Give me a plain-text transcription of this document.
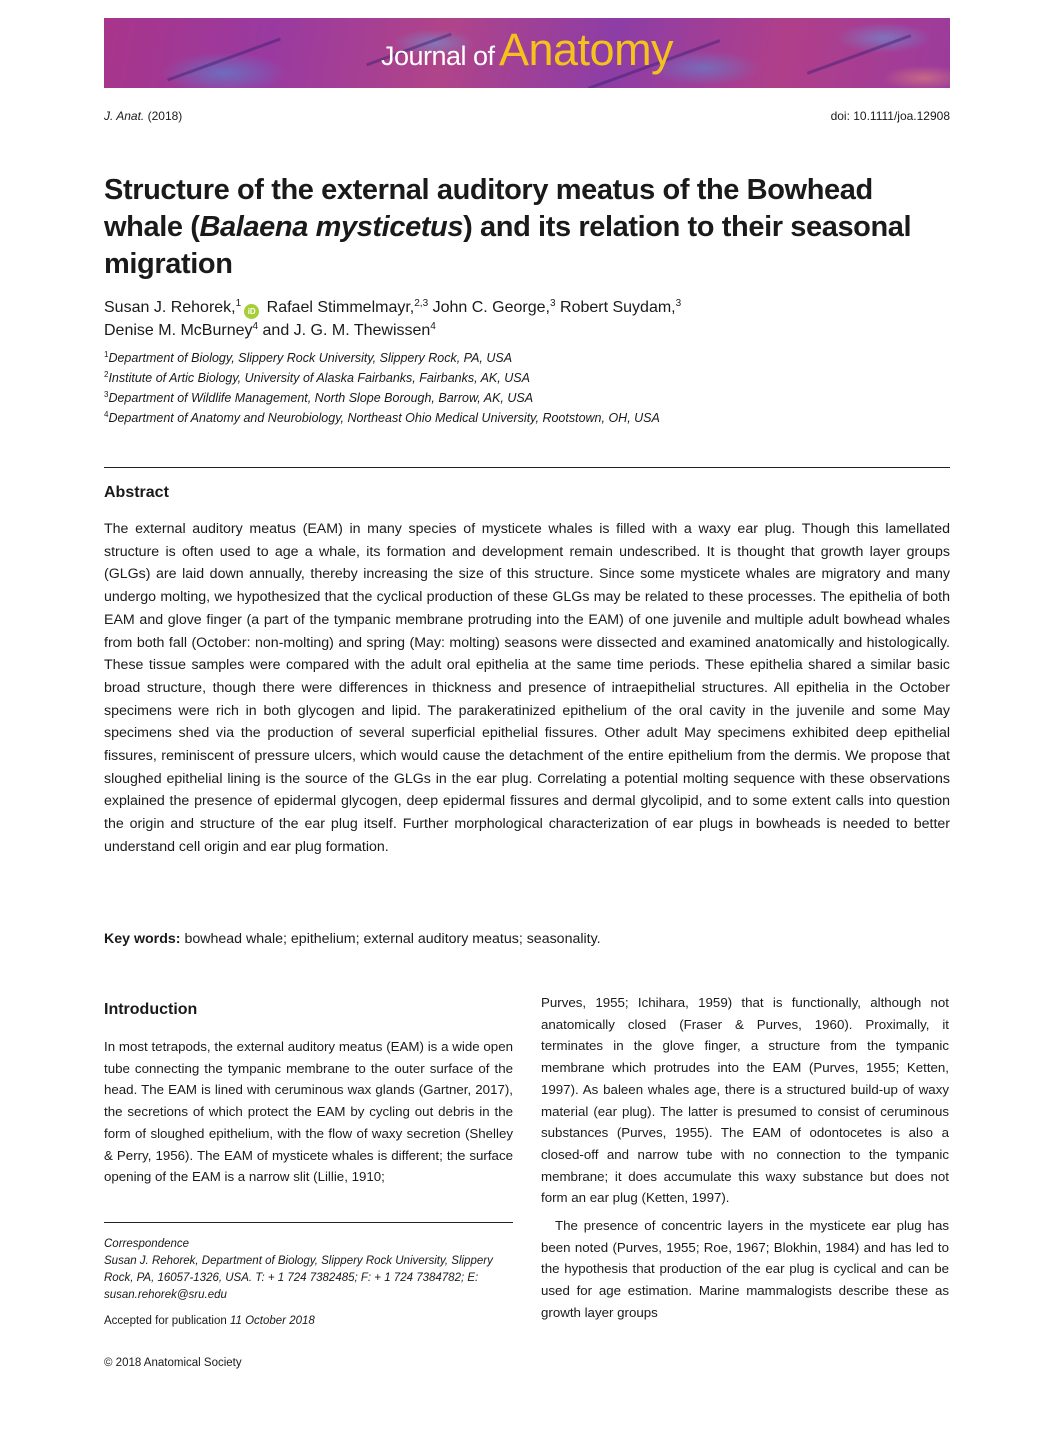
Journal of Anatomy
J. Anat. (2018)	doi: 10.1111/joa.12908
Structure of the external auditory meatus of the Bowhead whale (Balaena mysticetus) and its relation to their seasonal migration
Susan J. Rehorek,$^1$iD Rafael Stimmelmayr,$^{2,3}$ John C. George,$^3$ Robert Suydam,$^3$
Denise M. McBurney$^4$ and J. G. M. Thewissen$^4$
$^1$Department of Biology, Slippery Rock University, Slippery Rock, PA, USA
$^2$Institute of Artic Biology, University of Alaska Fairbanks, Fairbanks, AK, USA
$^3$Department of Wildlife Management, North Slope Borough, Barrow, AK, USA
$^4$Department of Anatomy and Neurobiology, Northeast Ohio Medical University, Rootstown, OH, USA
Abstract
The external auditory meatus (EAM) in many species of mysticete whales is filled with a waxy ear plug. Though this lamellated structure is often used to age a whale, its formation and development remain undescribed. It is thought that growth layer groups (GLGs) are laid down annually, thereby increasing the size of this structure. Since some mysticete whales are migratory and many undergo molting, we hypothesized that the cyclical production of these GLGs may be related to these processes. The epithelia of both EAM and glove finger (a part of the tympanic membrane protruding into the EAM) of one juvenile and multiple adult bowhead whales from both fall (October: non-molting) and spring (May: molting) seasons were dissected and examined anatomically and histologically. These tissue samples were compared with the adult oral epithelia at the same time periods. These epithelia shared a similar basic broad structure, though there were differences in thickness and presence of intraepithelial structures. All epithelia in the October specimens were rich in both glycogen and lipid. The parakeratinized epithelium of the oral cavity in the juvenile and some May specimens shed via the production of several superficial epithelial fissures. Other adult May specimens exhibited deep epithelial fissures, reminiscent of pressure ulcers, which would cause the detachment of the entire epithelium from the dermis. We propose that sloughed epithelial lining is the source of the GLGs in the ear plug. Correlating a potential molting sequence with these observations explained the presence of epidermal glycogen, deep epidermal fissures and dermal glycolipid, and to some extent calls into question the origin and structure of the ear plug itself. Further morphological characterization of ear plugs in bowheads is needed to better understand cell origin and ear plug formation.
Key words: bowhead whale; epithelium; external auditory meatus; seasonality.
Introduction

In most tetrapods, the external auditory meatus (EAM) is a wide open tube connecting the tympanic membrane to the outer surface of the head. The EAM is lined with ceruminous wax glands (Gartner, 2017), the secretions of which protect the EAM by cycling out debris in the form of sloughed epithelium, with the flow of waxy secretion (Shelley & Perry, 1956). The EAM of mysticete whales is different; the surface opening of the EAM is a narrow slit (Lillie, 1910;

Purves, 1955; Ichihara, 1959) that is functionally, although not anatomically closed (Fraser & Purves, 1960). Proximally, it terminates in the glove finger, a structure from the tympanic membrane which protrudes into the EAM (Purves, 1955; Ketten, 1997). As baleen whales age, there is a structured build-up of waxy material (ear plug). The latter is presumed to consist of ceruminous substances (Purves, 1955). The EAM of odontocetes is also a closed-off and narrow tube with no connection to the tympanic membrane; it does accumulate this waxy substance but does not form an ear plug (Ketten, 1997).

The presence of concentric layers in the mysticete ear plug has been noted (Purves, 1955; Roe, 1967; Blokhin, 1984) and has led to the hypothesis that production of the ear plug is cyclical and can be used for age estimation. Marine mammalogists describe these as growth layer groups

Correspondence
Susan J. Rehorek, Department of Biology, Slippery Rock University, Slippery Rock, PA, 16057-1326, USA. T: + 1 724 7382485; F: + 1 724 7384782; E: susan.rehorek@sru.edu
Accepted for publication 11 October 2018
© 2018 Anatomical Society
